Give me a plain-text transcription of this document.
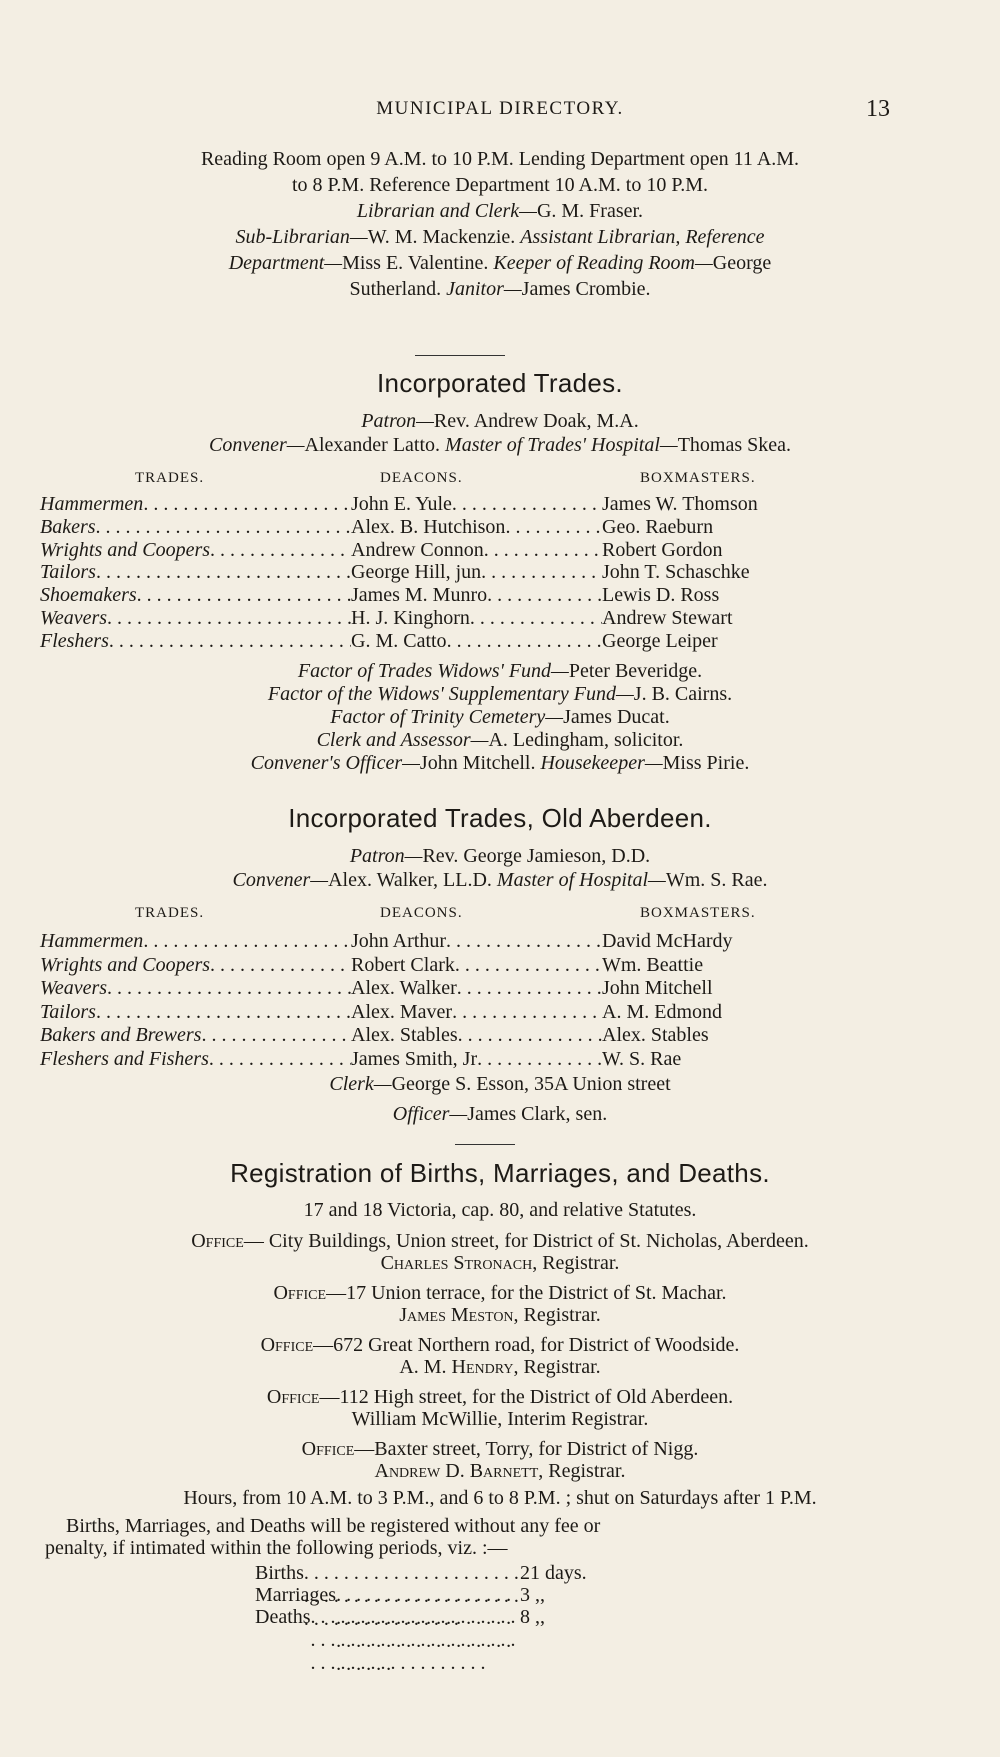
MUNICIPAL DIRECTORY.	13
Reading Room open 9 A.M. to 10 P.M. Lending Department open 11 A.M.
to 8 P.M. Reference Department 10 A.M. to 10 P.M.
Librarian and Clerk—G. M. Fraser.
Sub-Librarian—W. M. Mackenzie. Assistant Librarian, Reference
Department—Miss E. Valentine. Keeper of Reading Room—George
Sutherland. Janitor—James Crombie.
Incorporated Trades.
Patron—Rev. Andrew Doak, M.A.
Convener—Alexander Latto. Master of Trades' Hospital—Thomas Skea.
TRADES.	DEACONS.	BOXMASTERS.
Hammermen . . .	John E. Yule . . .	James W. Thomson
Bakers . . .	Alex. B. Hutchison . . .	Geo. Raeburn
Wrights and Coopers . . .	Andrew Connon . . .	Robert Gordon
Tailors . . .	George Hill, jun . . .	John T. Schaschke
Shoemakers . . .	James M. Munro . . .	Lewis D. Ross
Weavers . . .	H. J. Kinghorn . . .	Andrew Stewart
Fleshers . . .	G. M. Catto . . .	George Leiper
Factor of Trades Widows' Fund—Peter Beveridge.
Factor of the Widows' Supplementary Fund—J. B. Cairns.
Factor of Trinity Cemetery—James Ducat.
Clerk and Assessor—A. Ledingham, solicitor.
Convener's Officer—John Mitchell. Housekeeper—Miss Pirie.
Incorporated Trades, Old Aberdeen.
Patron—Rev. George Jamieson, D.D.
Convener—Alex. Walker, LL.D. Master of Hospital—Wm. S. Rae.
TRADES.	DEACONS.	BOXMASTERS.
Hammermen . . .	John Arthur . . .	David McHardy
Wrights and Coopers . . .	Robert Clark . . .	Wm. Beattie
Weavers . . .	Alex. Walker . . .	John Mitchell
Tailors . . .	Alex. Maver . . .	A. M. Edmond
Bakers and Brewers . . .	Alex. Stables . . .	Alex. Stables
Fleshers and Fishers . . .	James Smith, Jr . . .	W. S. Rae
Clerk—George S. Esson, 35A Union street
Officer—James Clark, sen.
Registration of Births, Marriages, and Deaths.
17 and 18 Victoria, cap. 80, and relative Statutes.
Office— City Buildings, Union street, for District of St. Nicholas, Aberdeen.
Charles Stronach, Registrar.
Office—17 Union terrace, for the District of St. Machar.
James Meston, Registrar.
Office—672 Great Northern road, for District of Woodside.
A. M. Hendry, Registrar.
Office—112 High street, for the District of Old Aberdeen.
William McWillie, Interim Registrar.
Office—Baxter street, Torry, for District of Nigg.
Andrew D. Barnett, Registrar.
Hours, from 10 A.M. to 3 P.M., and 6 to 8 P.M. ; shut on Saturdays after 1 P.M.
Births, Marriages, and Deaths will be registered without any fee or
penalty, if intimated within the following periods, viz. :—
Births . . .	21 days.
Marriages . . .	3 ,,
Deaths . . .	8 ,,
